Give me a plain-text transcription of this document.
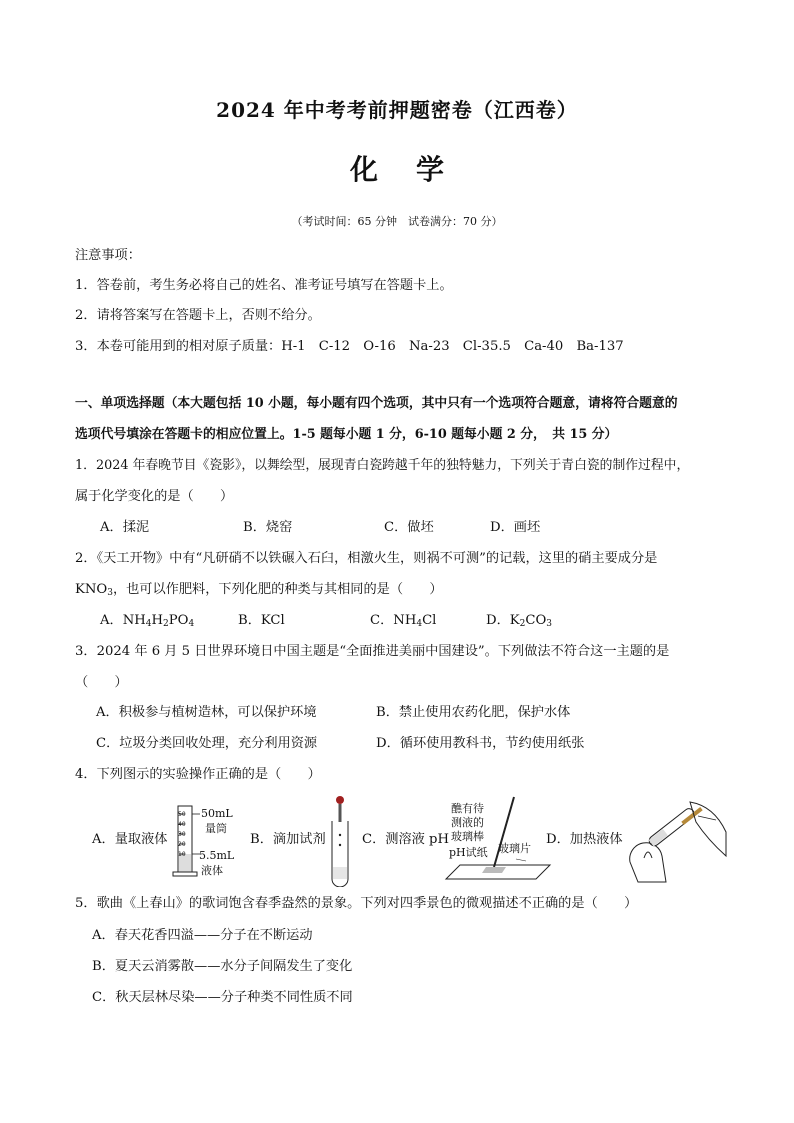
2024 年中考考前押题密卷（江西卷）
化 学
（考试时间：65 分钟　试卷满分：70 分）
注意事项：
1．答卷前，考生务必将自己的姓名、准考证号填写在答题卡上。
2．请将答案写在答题卡上，否则不给分。
3．本卷可能用到的相对原子质量：H-1　C-12　O-16　Na-23　Cl-35.5　Ca-40　Ba-137
一、单项选择题（本大题包括 10 小题，每小题有四个选项，其中只有一个选项符合题意，请将符合题意的
选项代号填涂在答题卡的相应位置上。1-5 题每小题 1 分，6-10 题每小题 2 分，　共 15 分）
1．2024 年春晚节目《瓷影》，以舞绘型，展现青白瓷跨越千年的独特魅力，下列关于青白瓷的制作过程中，
属于化学变化的是（　　）
A．揉泥	B．烧窑	C．做坯	D．画坯
2．《天工开物》中有“凡研硝不以铁碾入石臼，相激火生，则祸不可测”的记载，这里的硝主要成分是
$KNO_3$，也可以作肥料，下列化肥的种类与其相同的是（　　）
A．$NH_4H_2PO_4$	B．KCl	C．$NH_4Cl$	D．$K_2CO_3$
3．2024 年 6 月 5 日世界环境日中国主题是“全面推进美丽中国建设”。下列做法不符合这一主题的是
（　　）
A．积极参与植树造林，可以保护环境	B．禁止使用农药化肥，保护水体
C．垃圾分类回收处理，充分利用资源	D．循环使用教科书，节约使用纸张
4．下列图示的实验操作正确的是（　　）
A．量取液体
50
40
30
20
10
50mL
量筒
5.5mL
液体
B．滴加试剂	C．测溶液 pH
醮有待
测液的
玻璃棒
pH试纸 玻璃片
D．加热液体
5．歌曲《上春山》的歌词饱含春季盎然的景象。下列对四季景色的微观描述不正确的是（　　）
A．春天花香四溢——分子在不断运动
B．夏天云消雾散——水分子间隔发生了变化
C．秋天层林尽染——分子种类不同性质不同
